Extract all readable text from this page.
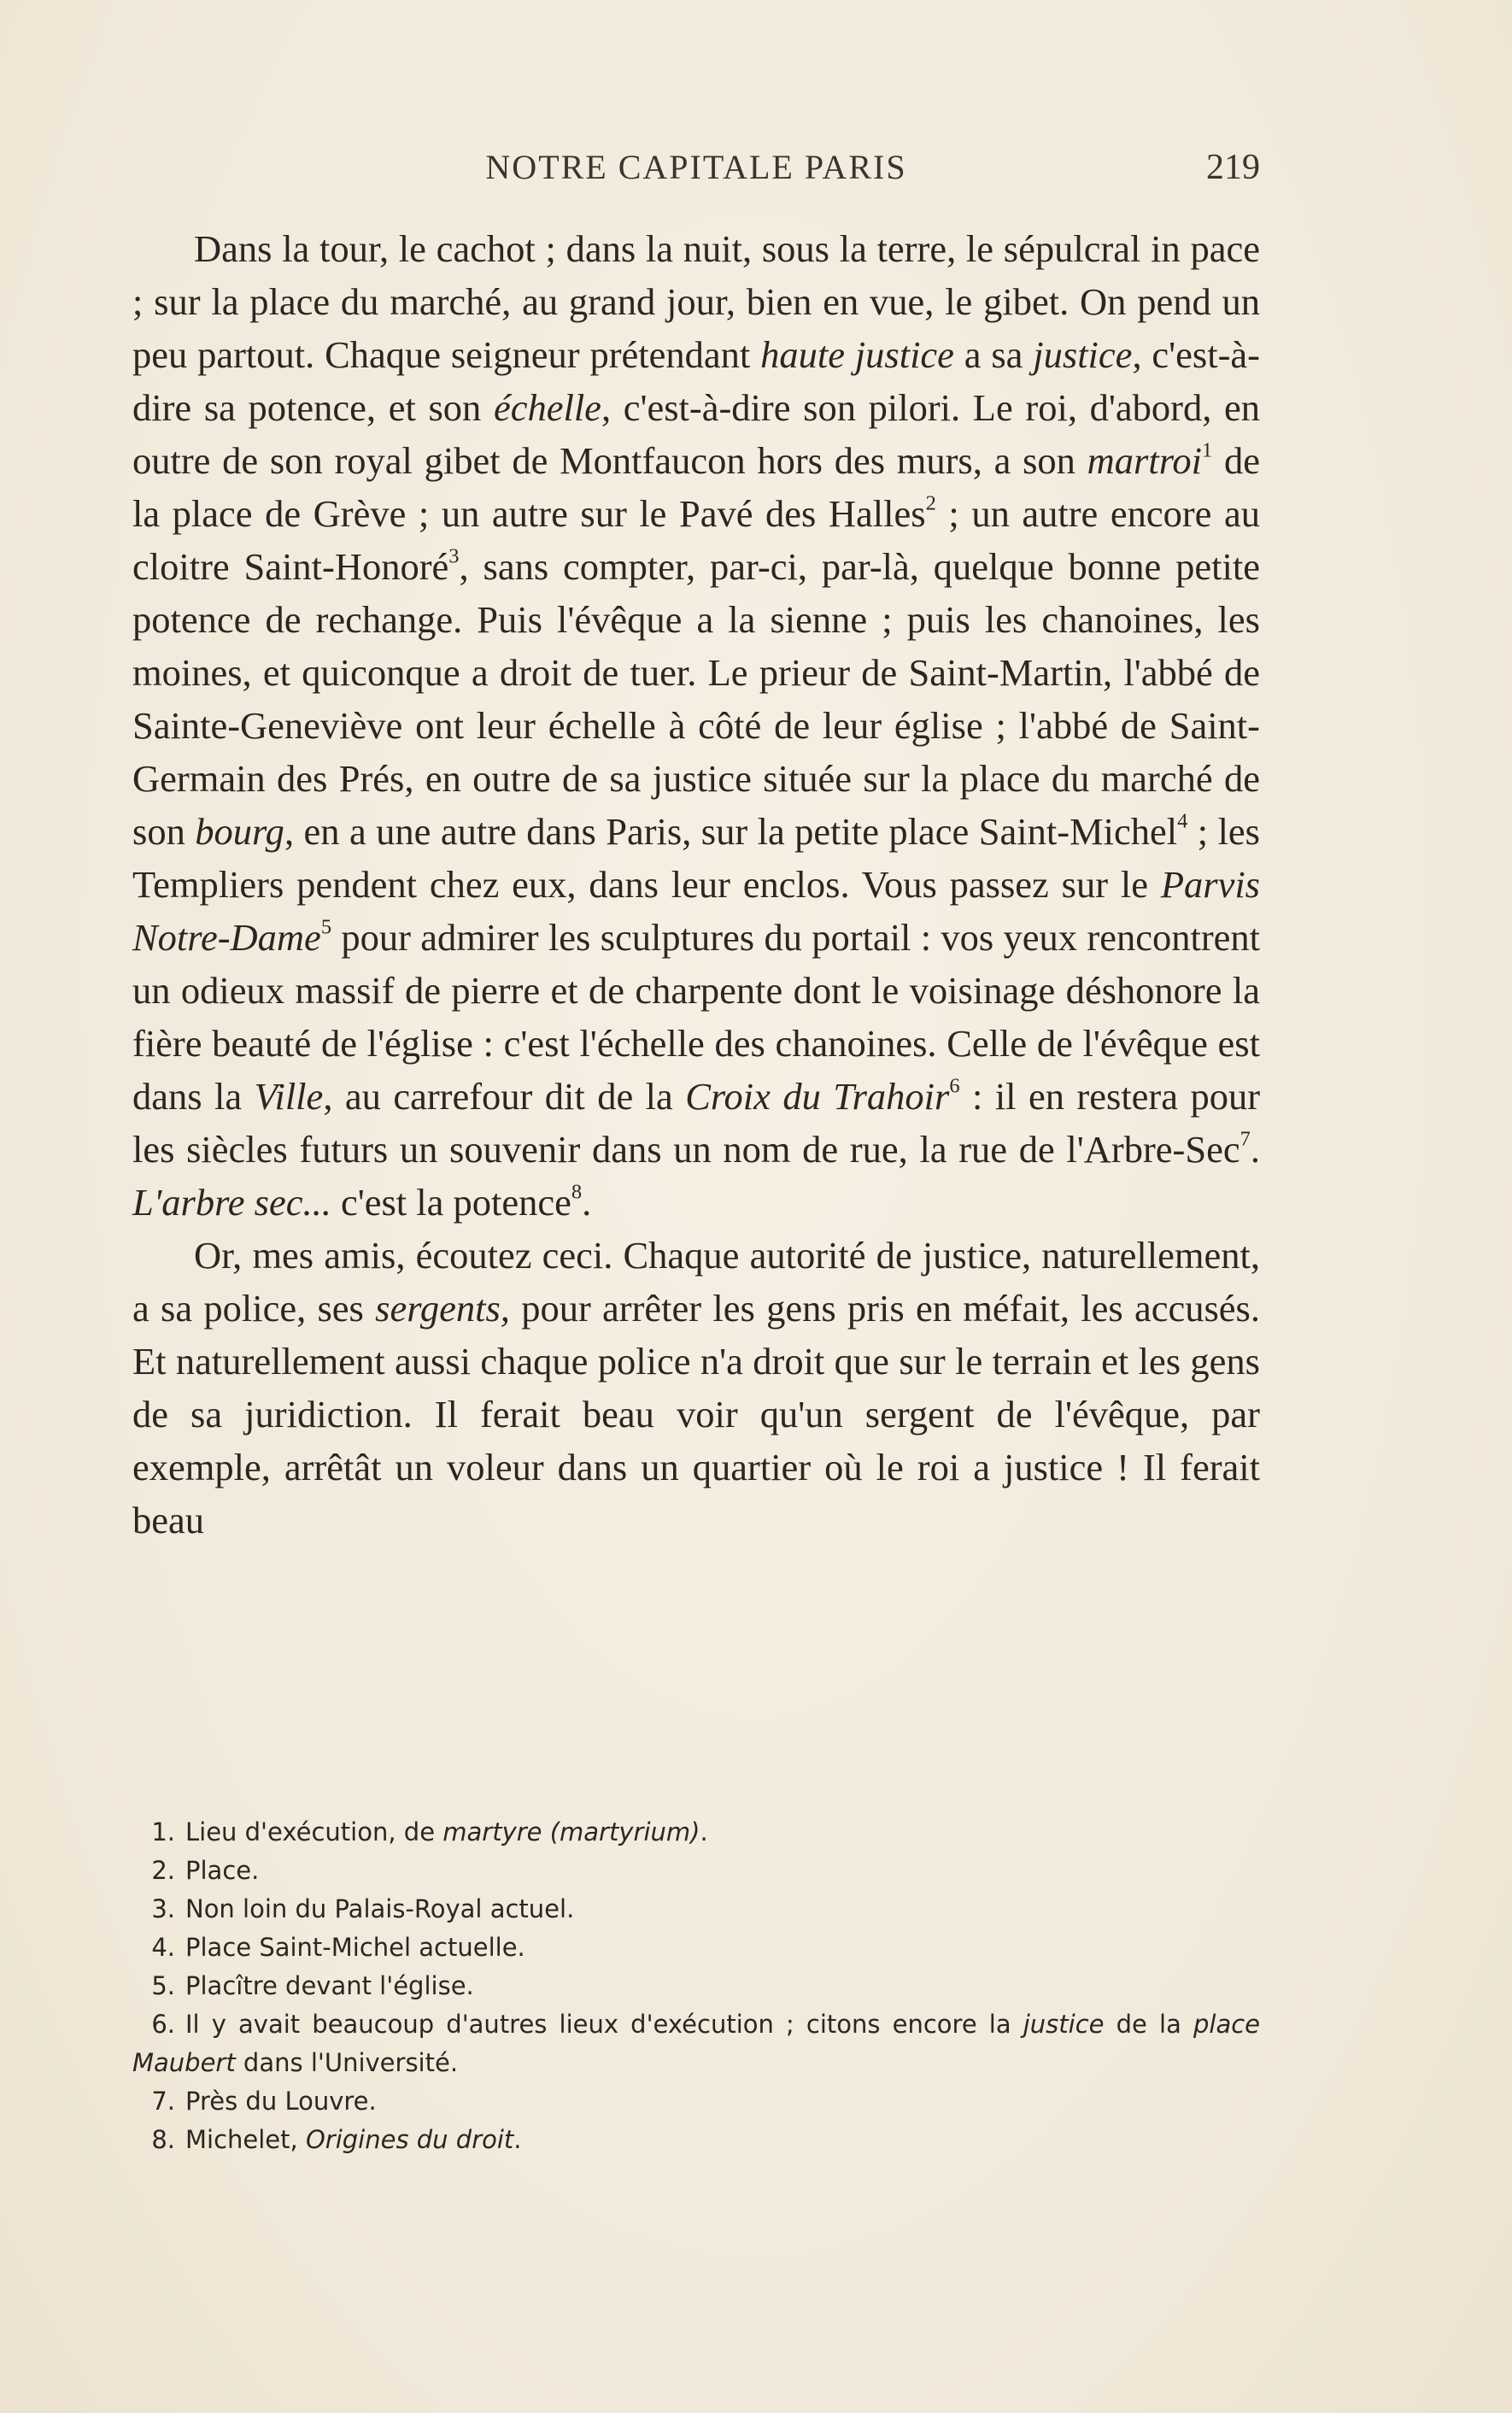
NOTRE CAPITALE PARIS	219

Dans la tour, le cachot ; dans la nuit, sous la terre, le sépulcral in pace ; sur la place du marché, au grand jour, bien en vue, le gibet. On pend un peu partout. Chaque seigneur prétendant haute justice a sa justice, c'est-à-dire sa potence, et son échelle, c'est-à-dire son pilori. Le roi, d'abord, en outre de son royal gibet de Montfaucon hors des murs, a son martroi$^1$ de la place de Grève ; un autre sur le Pavé des Halles$^2$ ; un autre encore au cloitre Saint-Honoré$^3$, sans compter, par-ci, par-là, quelque bonne petite potence de rechange. Puis l'évêque a la sienne ; puis les chanoines, les moines, et quiconque a droit de tuer. Le prieur de Saint-Martin, l'abbé de Sainte-Geneviève ont leur échelle à côté de leur église ; l'abbé de Saint-Germain des Prés, en outre de sa justice située sur la place du marché de son bourg, en a une autre dans Paris, sur la petite place Saint-Michel$^4$ ; les Templiers pendent chez eux, dans leur enclos. Vous passez sur le Parvis Notre-Dame$^5$ pour admirer les sculptures du portail : vos yeux rencontrent un odieux massif de pierre et de charpente dont le voisinage déshonore la fière beauté de l'église : c'est l'échelle des chanoines. Celle de l'évêque est dans la Ville, au carrefour dit de la Croix du Trahoir$^6$ : il en restera pour les siècles futurs un souvenir dans un nom de rue, la rue de l'Arbre-Sec$^7$. L'arbre sec... c'est la potence$^8$.

Or, mes amis, écoutez ceci. Chaque autorité de justice, naturellement, a sa police, ses sergents, pour arrêter les gens pris en méfait, les accusés. Et naturellement aussi chaque police n'a droit que sur le terrain et les gens de sa juridiction. Il ferait beau voir qu'un sergent de l'évêque, par exemple, arrêtât un voleur dans un quartier où le roi a justice ! Il ferait beau

1. Lieu d'exécution, de martyre (martyrium).
2. Place.
3. Non loin du Palais-Royal actuel.
4. Place Saint-Michel actuelle.
5. Placître devant l'église.
6. Il y avait beaucoup d'autres lieux d'exécution ; citons encore la justice de la place Maubert dans l'Université.
7. Près du Louvre.
8. Michelet, Origines du droit.
